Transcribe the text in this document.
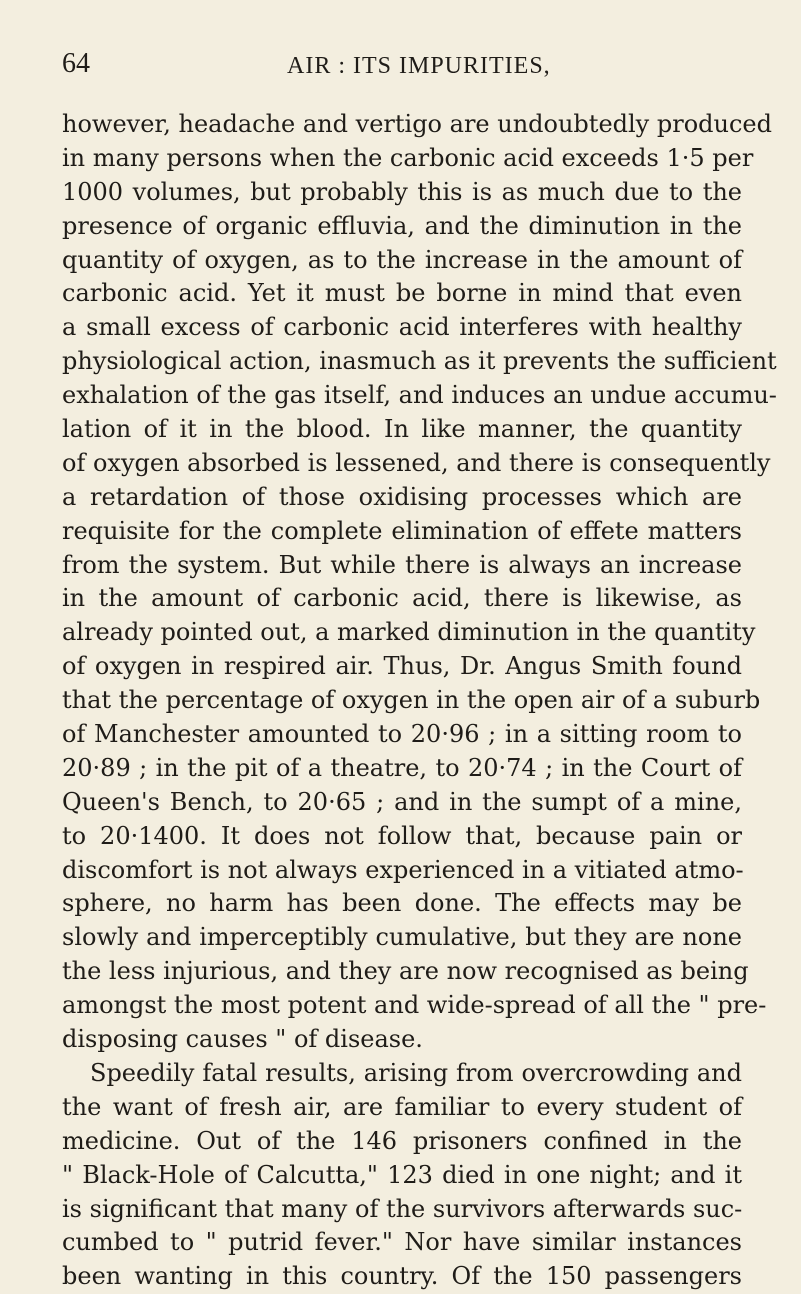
64	AIR : ITS IMPURITIES,
however, headache and vertigo are undoubtedly produced
in many persons when the carbonic acid exceeds 1·5 per
1000 volumes, but probably this is as much due to the
presence of organic effluvia, and the diminution in the
quantity of oxygen, as to the increase in the amount of
carbonic acid. Yet it must be borne in mind that even
a small excess of carbonic acid interferes with healthy
physiological action, inasmuch as it prevents the sufficient
exhalation of the gas itself, and induces an undue accumu-
lation of it in the blood. In like manner, the quantity
of oxygen absorbed is lessened, and there is consequently
a retardation of those oxidising processes which are
requisite for the complete elimination of effete matters
from the system. But while there is always an increase
in the amount of carbonic acid, there is likewise, as
already pointed out, a marked diminution in the quantity
of oxygen in respired air. Thus, Dr. Angus Smith found
that the percentage of oxygen in the open air of a suburb
of Manchester amounted to 20·96 ; in a sitting room to
20·89 ; in the pit of a theatre, to 20·74 ; in the Court of
Queen's Bench, to 20·65 ; and in the sumpt of a mine,
to 20·1400. It does not follow that, because pain or
discomfort is not always experienced in a vitiated atmo-
sphere, no harm has been done. The effects may be
slowly and imperceptibly cumulative, but they are none
the less injurious, and they are now recognised as being
amongst the most potent and wide-spread of all the " pre-
disposing causes " of disease.
Speedily fatal results, arising from overcrowding and
the want of fresh air, are familiar to every student of
medicine. Out of the 146 prisoners confined in the
" Black-Hole of Calcutta," 123 died in one night; and it
is significant that many of the survivors afterwards suc-
cumbed to " putrid fever." Nor have similar instances
been wanting in this country. Of the 150 passengers
